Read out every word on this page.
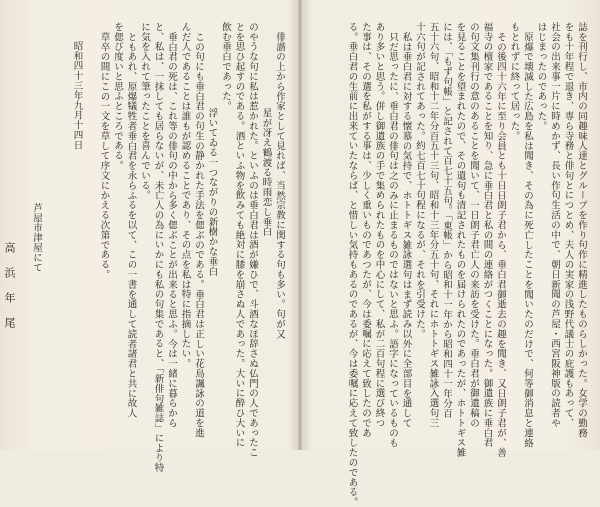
俳諧の上から作家として見れば、当然宗教に関する句も多い。句が又
星が冴え鶴渡る時雨恋し垂白
のやうな句に私は惹かれた。といふのは垂白君は酒が嫌ひで、斗酒なほ辞さぬ仏門の人であったこ
とを思ひ起すのである。酒といふ物を飲みても絶対に膝を崩さぬ人であった。大いに酔ひ大いに
飲む垂白であった。
浮いてゐる一つながりの新樹かな垂白
この句にも垂白君の句生の静かれた手法を偲ぶのである。垂白君は正しい花鳥諷詠の道を進
んだ人であることは誰もが認めることであり、その点を私は特に指摘したい。
垂白君の死は、これ等の俳句の中から多く偲ぶことが出来ると思ふ。今は一緒に暮らから
と、私は、一抹しても居らないが、未亡人の為にいかにも私の句集であると、「新俳句雑誌」により特
に気を入れて筆ったことを喜んでいる。
ともあれ、原爆犠牲者垂白君を永らふるを以て、この一書を通して読者諸君と共に故人
を偲び度いと思ふところである。
草卒の間にこの一文を草して序文にかえる次第である。
昭和四十三年九月十四日
芦屋市津屋にて
高浜年尾	誌を刊行し、市内の同趣味人達とグループを作り句作に精進したものらしかった。女学の勤務
をも十年程で退き、専ら寺務と俳句とにつとめ、夫人の実家の浅野代議士の庇護もあって、
社会の出来事一片に時めかず、長い作句生活の中で、朝日新聞の芦屋・西宮阪神版の読者や
はじまったのであった。
原爆で壊滅した広島を私は聞き、その為に死亡したことを聞いたのだけで、何等御消息と連絡
もとれずに終って居った。
その後四十六年に至り会員とも十日日朗子君から、垂白君御逝去の趣を聞き、又日朗子君が、善
福寺の檀家であることを知り、急に垂白君と私の間の連絡がつくことになった。御遺族に垂白君
の句文集刊行の意のあることを聞いて、一日朗子君亡人の来訪を受けた。垂白君が御遺稿の
を見ることを望まれたので、その遺句も清記されたものを届けられたのであったが、ホトトギス雑
には、「もず句帳」と記されて百七十五句。「東帳」から昭和十一年から昭和四十一年分百
五十六句、昭和十二年分百五十三句、昭和十三年分五十句、それにホトトギス雑詠入選句三
十六句が記されてあった。約七百七十句程になるが、それを引受けた。
私は垂白君に対する懐慕の気持で、ホトトギス雑詠選句はまず読み以外に全部目を通して
只だ思ったに、垂白君の俳句は之のみに止まるものではないと思ふ。語字になっているものも
あり多いと思う。併し御遺族の手で集められたものを中心にして、私が二百句程に選び終つ
た事は、その選を私がする事は、少しく重いものであつたが、今は委嘱に応えて致したのであ
る。垂白君の生前に出来ていたならば、と惜しい気持もあるのであるが、今は委嘱に応えて致したのである。
